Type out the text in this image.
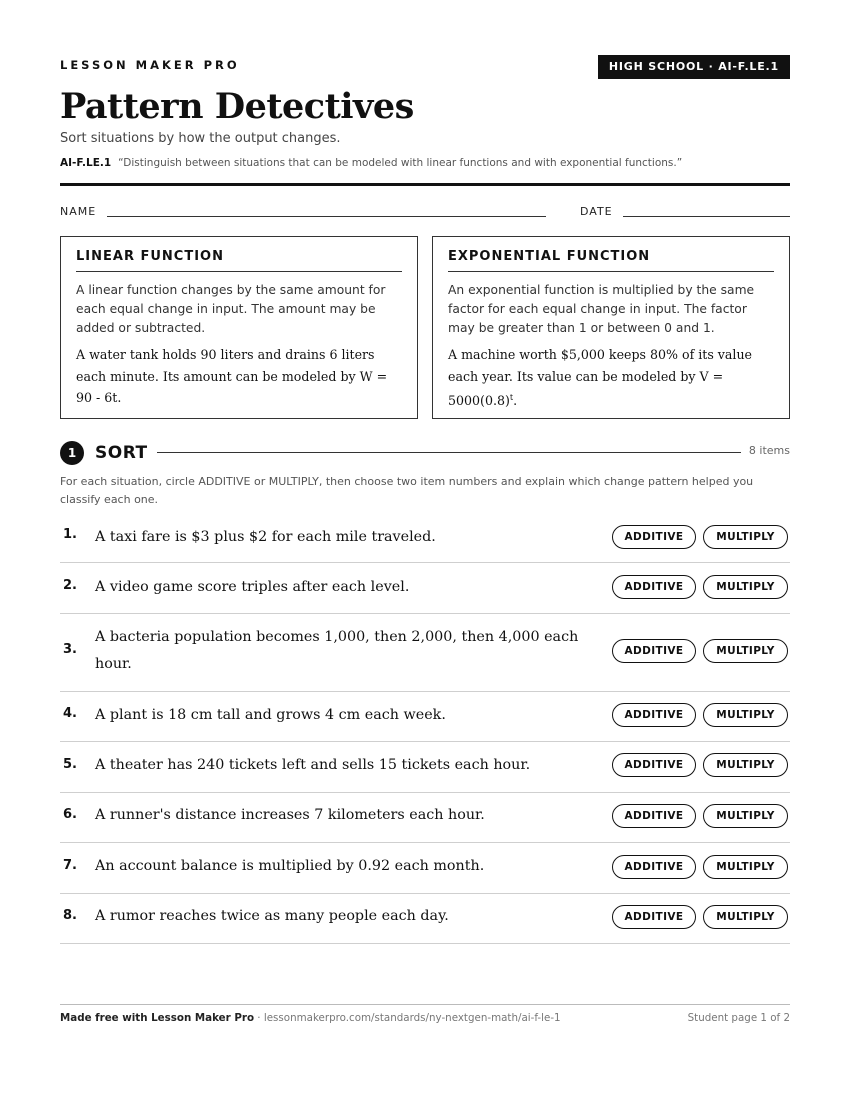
LESSON MAKER PRO	HIGH SCHOOL · AI-F.LE.1
Pattern Detectives
Sort situations by how the output changes.
AI-F.LE.1 “Distinguish between situations that can be modeled with linear functions and with exponential functions.”
NAME	DATE
LINEAR FUNCTION
A linear function changes by the same amount for each equal change in input. The amount may be added or subtracted.
A water tank holds 90 liters and drains 6 liters each minute. Its amount can be modeled by W = 90 - 6t.
EXPONENTIAL FUNCTION
An exponential function is multiplied by the same factor for each equal change in input. The factor may be greater than 1 or between 0 and 1.
A machine worth $5,000 keeps 80% of its value each year. Its value can be modeled by $V = 5000(0.8)^t$.
1	SORT	8 items
For each situation, circle ADDITIVE or MULTIPLY, then choose two item numbers and explain which change pattern helped you classify each one.
1. A taxi fare is $3 plus $2 for each mile traveled.	ADDITIVE	MULTIPLY
2. A video game score triples after each level.	ADDITIVE	MULTIPLY
3.
A bacteria population becomes 1,000, then 2,000, then 4,000 each hour.
ADDITIVE	MULTIPLY
4. A plant is 18 cm tall and grows 4 cm each week.	ADDITIVE	MULTIPLY
5. A theater has 240 tickets left and sells 15 tickets each hour.	ADDITIVE	MULTIPLY
6. A runner's distance increases 7 kilometers each hour.	ADDITIVE	MULTIPLY
7. An account balance is multiplied by 0.92 each month.	ADDITIVE	MULTIPLY
8. A rumor reaches twice as many people each day.	ADDITIVE	MULTIPLY
Made free with Lesson Maker Pro · lessonmakerpro.com/standards/ny-nextgen-math/ai-f-le-1	Student page 1 of 2
